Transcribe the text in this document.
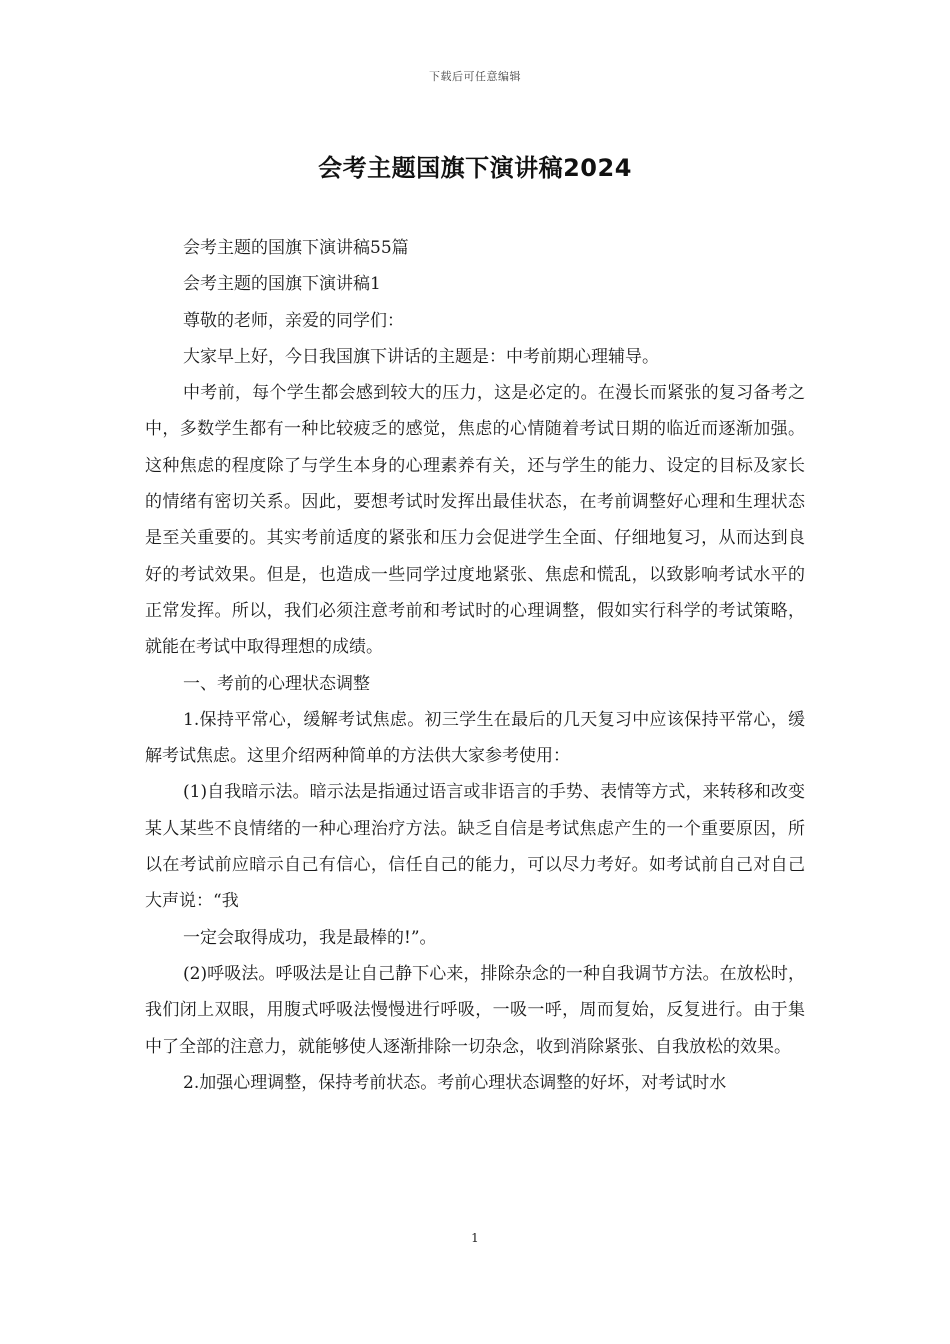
下载后可任意编辑
会考主题国旗下演讲稿2024

会考主题的国旗下演讲稿55篇

会考主题的国旗下演讲稿1

尊敬的老师，亲爱的同学们：

大家早上好，今日我国旗下讲话的主题是：中考前期心理辅导。

中考前，每个学生都会感到较大的压力，这是必定的。在漫长而紧张的复习备考之中，多数学生都有一种比较疲乏的感觉，焦虑的心情随着考试日期的临近而逐渐加强。这种焦虑的程度除了与学生本身的心理素养有关，还与学生的能力、设定的目标及家长的情绪有密切关系。因此，要想考试时发挥出最佳状态，在考前调整好心理和生理状态是至关重要的。其实考前适度的紧张和压力会促进学生全面、仔细地复习，从而达到良好的考试效果。但是，也造成一些同学过度地紧张、焦虑和慌乱，以致影响考试水平的正常发挥。所以，我们必须注意考前和考试时的心理调整，假如实行科学的考试策略，就能在考试中取得理想的成绩。

一、考前的心理状态调整

1.保持平常心，缓解考试焦虑。初三学生在最后的几天复习中应该保持平常心，缓解考试焦虑。这里介绍两种简单的方法供大家参考使用：

(1)自我暗示法。暗示法是指通过语言或非语言的手势、表情等方式，来转移和改变某人某些不良情绪的一种心理治疗方法。缺乏自信是考试焦虑产生的一个重要原因，所以在考试前应暗示自己有信心，信任自己的能力，可以尽力考好。如考试前自己对自己大声说：“我

一定会取得成功，我是最棒的!”。

(2)呼吸法。呼吸法是让自己静下心来，排除杂念的一种自我调节方法。在放松时，我们闭上双眼，用腹式呼吸法慢慢进行呼吸，一吸一呼，周而复始，反复进行。由于集中了全部的注意力，就能够使人逐渐排除一切杂念，收到消除紧张、自我放松的效果。

2.加强心理调整，保持考前状态。考前心理状态调整的好坏，对考试时水

1
